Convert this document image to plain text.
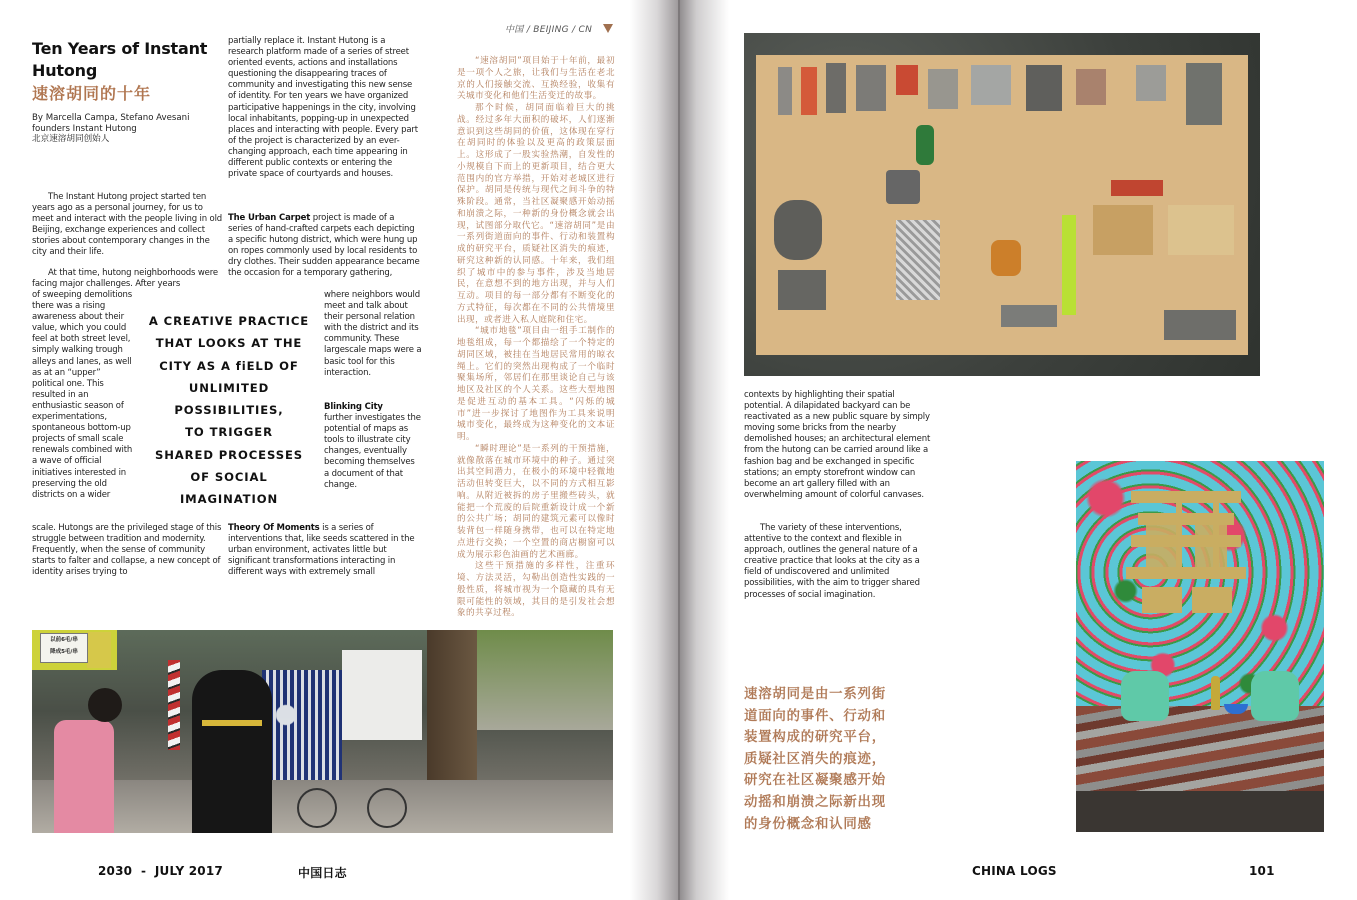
Ten Years of Instant Hutong
速溶胡同的十年
By Marcella Campa, Stefano Avesani
founders Instant Hutong
北京速溶胡同创始人

The Instant Hutong project started ten years ago as a personal journey, for us to meet and interact with the people living in old Beijing, exchange experiences and collect stories about contemporary changes in the city and their life.

At that time, hutong neighborhoods were facing major challenges. After years

of sweeping demolitions there was a rising awareness about their value, which you could feel at both street level, simply walking trough alleys and lanes, as well as at an “upper” political one. This resulted in an enthusiastic season of experimentations, spontaneous bottom-up projects of small scale renewals combined with a wave of official initiatives interested in preserving the old districts on a wider

scale. Hutongs are the privileged stage of this struggle between tradition and modernity. Frequently, when the sense of community starts to falter and collapse, a new concept of identity arises trying to

partially replace it. Instant Hutong is a research platform made of a series of street oriented events, actions and installations questioning the disappearing traces of community and investigating this new sense of identity. For ten years we have organized participative happenings in the city, involving local inhabitants, popping-up in unexpected places and interacting with people. Every part of the project is characterized by an ever-changing approach, each time appearing in different public contexts or entering the private space of courtyards and houses.

The Urban Carpet project is made of a series of hand-crafted carpets each depicting a specific hutong district, which were hung up on ropes commonly used by local residents to dry clothes. Their sudden appearance became the occasion for a temporary gathering,

where neighbors would meet and talk about their personal relation with the district and its community. These largescale maps were a basic tool for this interaction.

Blinking City
further investigates the potential of maps as tools to illustrate city changes, eventually becoming themselves a document of that change.

Theory Of Moments is a series of interventions that, like seeds scattered in the urban environment, activates little but significant transformations interacting in different ways with extremely small

A CREATIVE PRACTICE
THAT LOOKS AT THE
CITY AS A fiELD OF
UNLIMITED
POSSIBILITIES,
TO TRIGGER
SHARED PROCESSES
OF SOCIAL
IMAGINATION
中国 / BEIJING / CN

“速溶胡同”项目始于十年前，最初是一项个人之旅，让我们与生活在老北京的人们接触交流、互换经验，收集有关城市变化和他们生活变迁的故事。

那个时候，胡同面临着巨大的挑战。经过多年大面积的破坏，人们逐渐意识到这些胡同的价值，这体现在穿行在胡同时的体验以及更高的政策层面上。这形成了一股实验热潮，自发性的小规模自下而上的更新项目，结合更大范围内的官方举措，开始对老城区进行保护。胡同是传统与现代之间斗争的特殊阶段。通常，当社区凝聚感开始动摇和崩溃之际，一种新的身份概念就会出现，试图部分取代它。“速溶胡同”是由一系列街道面向的事件、行动和装置构成的研究平台，质疑社区消失的痕迹，研究这种新的认同感。十年来，我们组织了城市中的参与事件，涉及当地居民，在意想不到的地方出现，并与人们互动。项目的每一部分都有不断变化的方式特征，每次都在不同的公共情境里出现，或者进入私人庭院和住宅。

“城市地毯”项目由一组手工制作的地毯组成，每一个都描绘了一个特定的胡同区域，被挂在当地居民常用的晾衣绳上。它们的突然出现构成了一个临时聚集场所，邻居们在那里谈论自己与该地区及社区的个人关系。这些大型地图是促进互动的基本工具。“闪烁的城市”进一步探讨了地图作为工具来说明城市变化，最终成为这种变化的文本证明。

“瞬时理论”是一系列的干预措施，就像散落在城市环境中的种子。通过突出其空间潜力，在极小的环境中轻微地活动但转变巨大，以不同的方式相互影响。从附近被拆的房子里搬些砖头，就能把一个荒废的后院重新设计成一个新的公共广场；胡同的建筑元素可以像时装背包一样随身携带，也可以在特定地点进行交换；一个空置的商店橱窗可以成为展示彩色油画的艺术画廊。

这些干预措施的多样性，注重环境、方法灵活，勾勒出创造性实践的一般性质，将城市视为一个隐藏的具有无限可能性的领域，其目的是引发社会想象的共享过程。

以前6毛/串
降成5毛/串
2030  -  JULY 2017	中国日志
contexts by highlighting their spatial potential. A dilapidated backyard can be reactivated as a new public square by simply moving some bricks from the nearby demolished houses; an architectural element from the hutong can be carried around like a fashion bag and be exchanged in specific stations; an empty storefront window can become an art gallery filled with an overwhelming amount of colorful canvases.
The variety of these interventions, attentive to the context and flexible in approach, outlines the general nature of a creative practice that looks at the city as a field of undiscovered and unlimited possibilities, with the aim to trigger shared processes of social imagination.
速溶胡同是由一系列街
道面向的事件、行动和
装置构成的研究平台，
质疑社区消失的痕迹，
研究在社区凝聚感开始
动摇和崩溃之际新出现
的身份概念和认同感
CHINA LOGS	101
